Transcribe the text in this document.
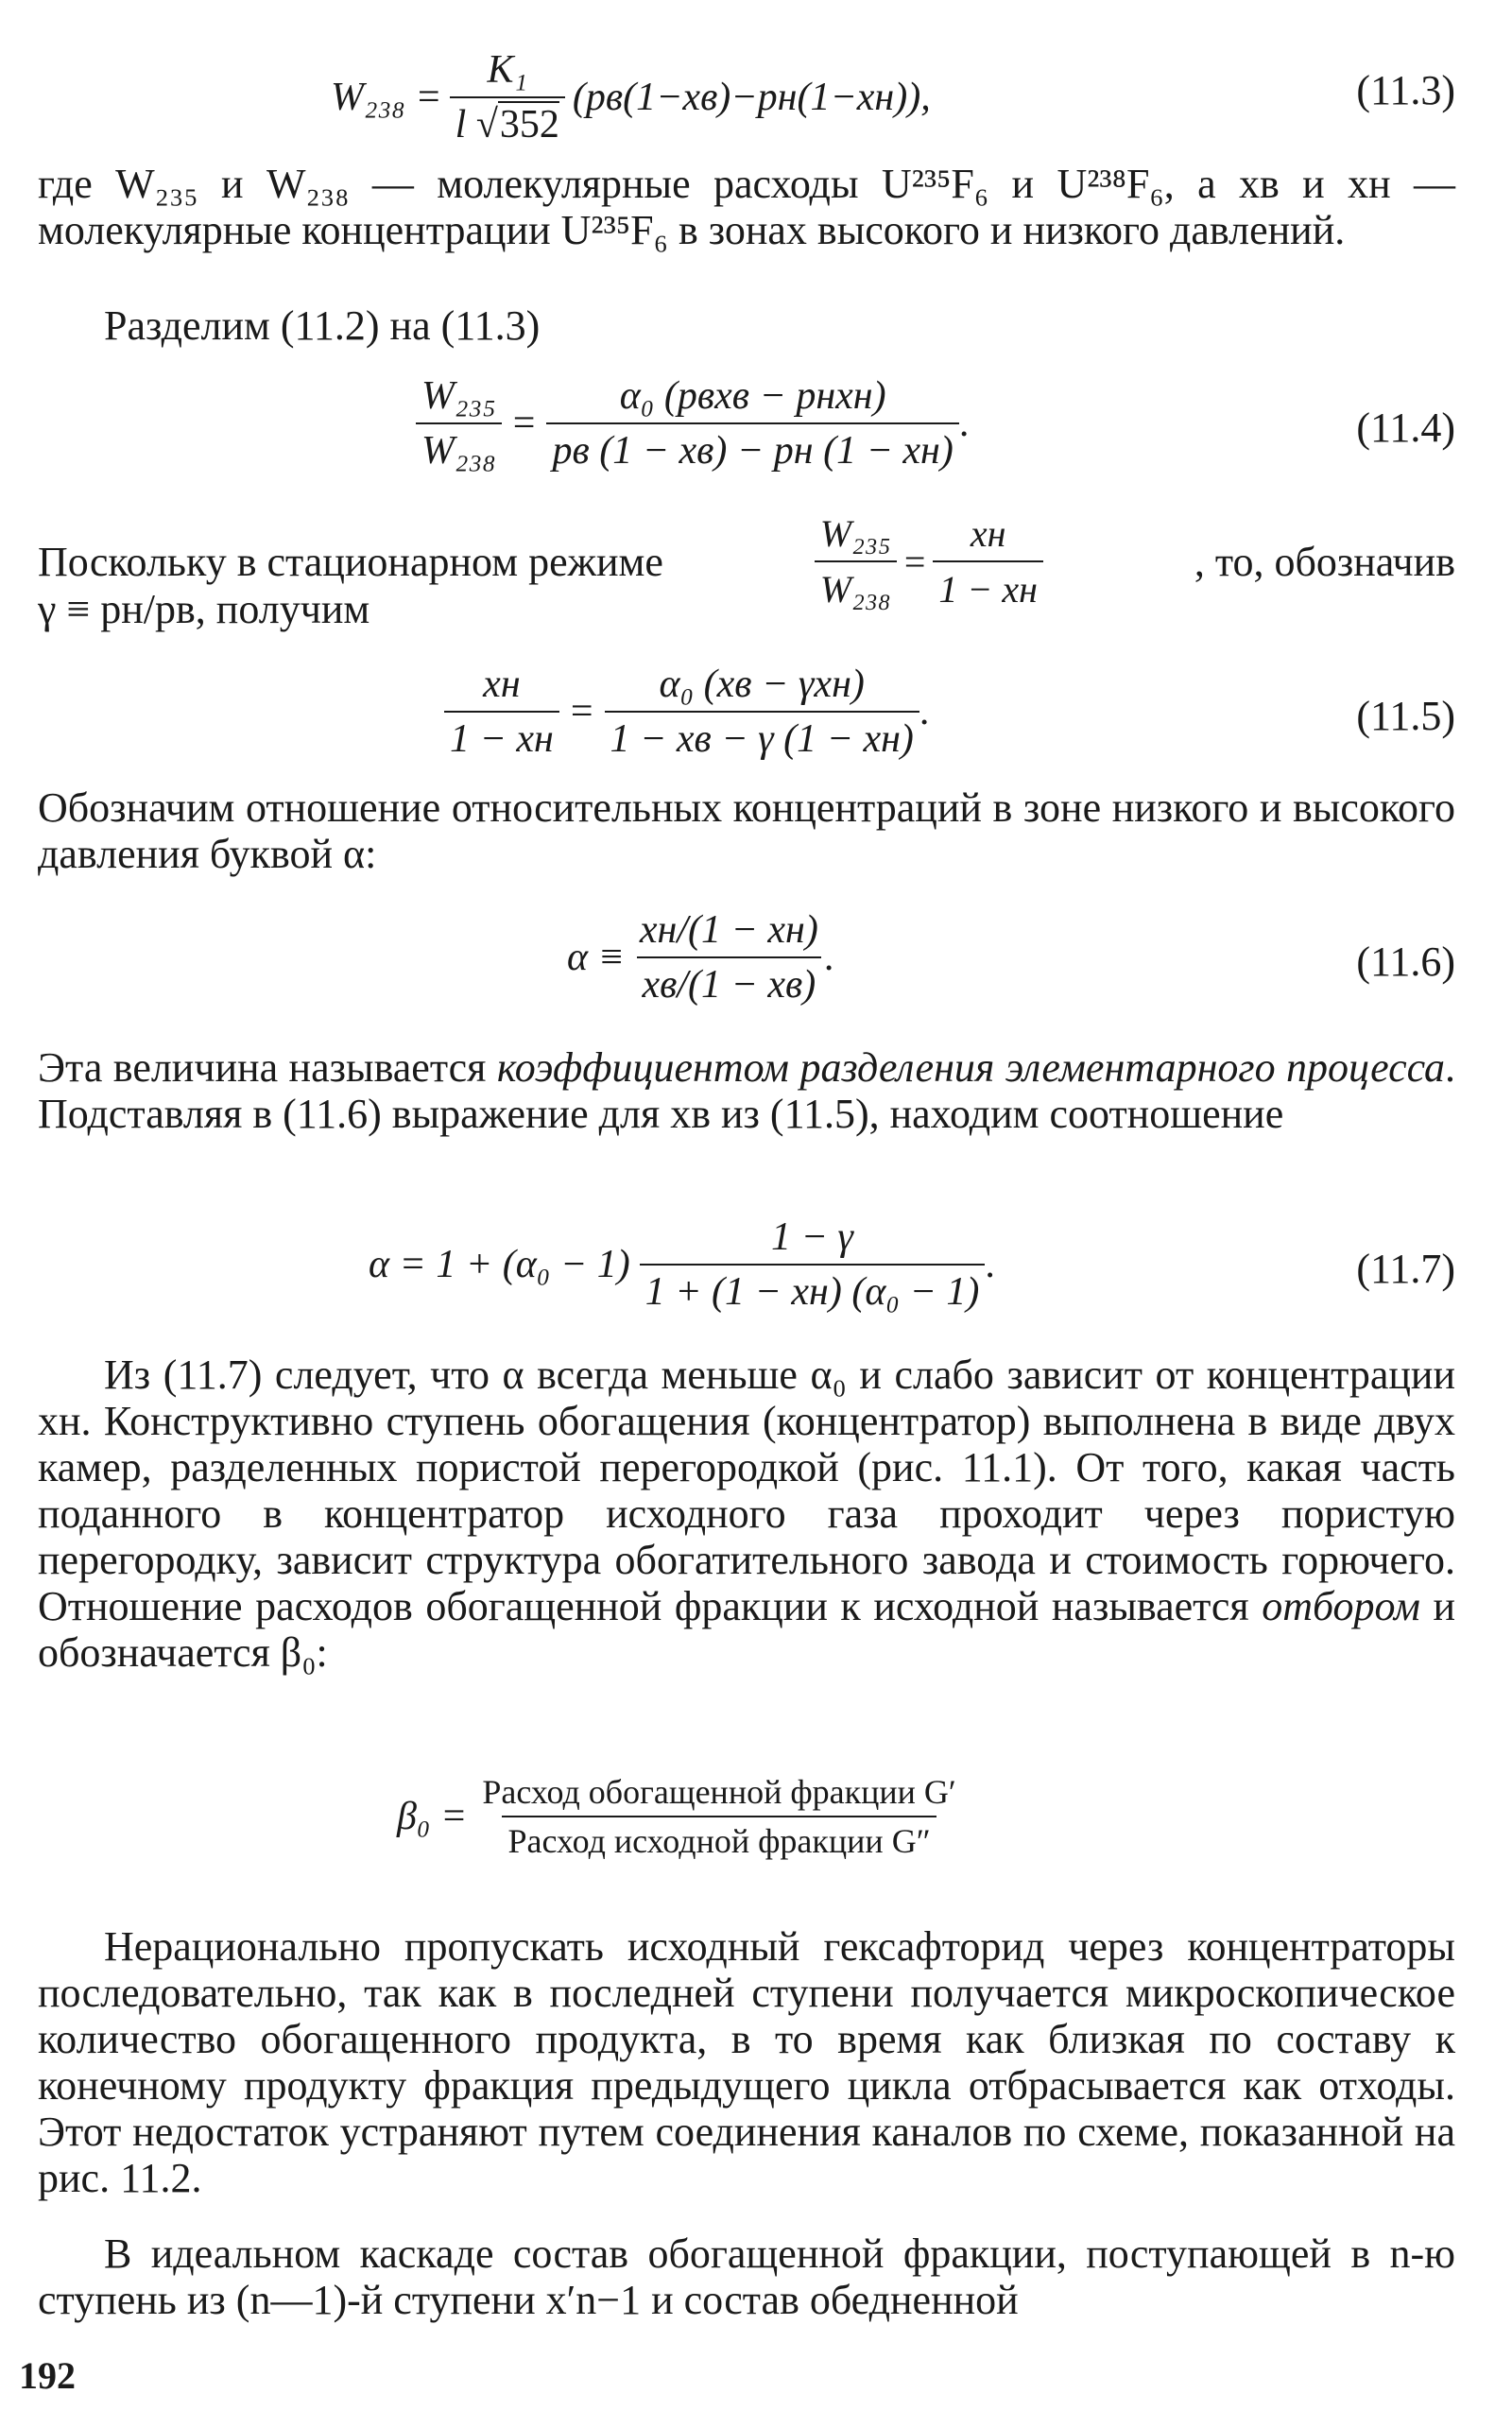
$W_{238} = \frac{\text{K₁}}{l √352} (pв(1-xв)-pн(1-xн))$,	(11.3)
где W₂₃₅ и W₂₃₈ — молекулярные расходы U²³⁵F₆ и U²³⁸F₆, а xв и xн — молекулярные концентрации U²³⁵F₆ в зонах высокого и низкого давлений.
Разделим (11.2) на (11.3)
$\frac{\text{W₂₃₅}}{\text{W₂₃₈}} = \frac{\text{α₀ (pвxв − pнxн)}}{pв (1 - xв) - pн (1 - xн)}$ .	(11.4)
Поскольку в стационарном режиме	$\frac{\text{W₂₃₅}}{\text{W₂₃₈}} = \frac{xн}{1 - xн}$	, то, обозначив
γ ≡ pн/pв, получим
$\frac{xн}{1 - xн} = \frac{\text{α₀ (xв − γxн)}}{1 - xв - \gamma (1 - xн)}$ .	(11.5)
Обозначим отношение относительных концентраций в зоне низкого и высокого давления буквой α:
$\alpha \equiv \frac{xн/(1 - xн)}{xв/(1 - xв)}$ .	(11.6)
Эта величина называется коэффициентом разделения элементарного процесса. Подставляя в (11.6) выражение для xв из (11.5), находим соотношение
$\alpha = 1 + (\alpha_0 - 1) \frac{1 - \gamma}{\text{1 + (1 − xн) (α₀ − 1)}}$ .	(11.7)
Из (11.7) следует, что α всегда меньше α₀ и слабо зависит от концентрации xн. Конструктивно ступень обогащения (концентратор) выполнена в виде двух камер, разделенных пористой перегородкой (рис. 11.1). От того, какая часть поданного в концентратор исходного газа проходит через пористую перегородку, зависит структура обогатительного завода и стоимость горючего. Отношение расходов обогащенной фракции к исходной называется отбором и обозначается β₀:
$\beta_0 = \frac{\text{Расход обогащенной фракции G′}}{\text{Расход исходной фракции G″}}$
Нерационально пропускать исходный гексафторид через концентраторы последовательно, так как в последней ступени получается микроскопическое количество обогащенного продукта, в то время как близкая по составу к конечному продукту фракция предыдущего цикла отбрасывается как отходы. Этот недостаток устраняют путем соединения каналов по схеме, показанной на рис. 11.2.
В идеальном каскаде состав обогащенной фракции, поступающей в n-ю ступень из (n—1)-й ступени x′n−1 и состав обедненной
192
